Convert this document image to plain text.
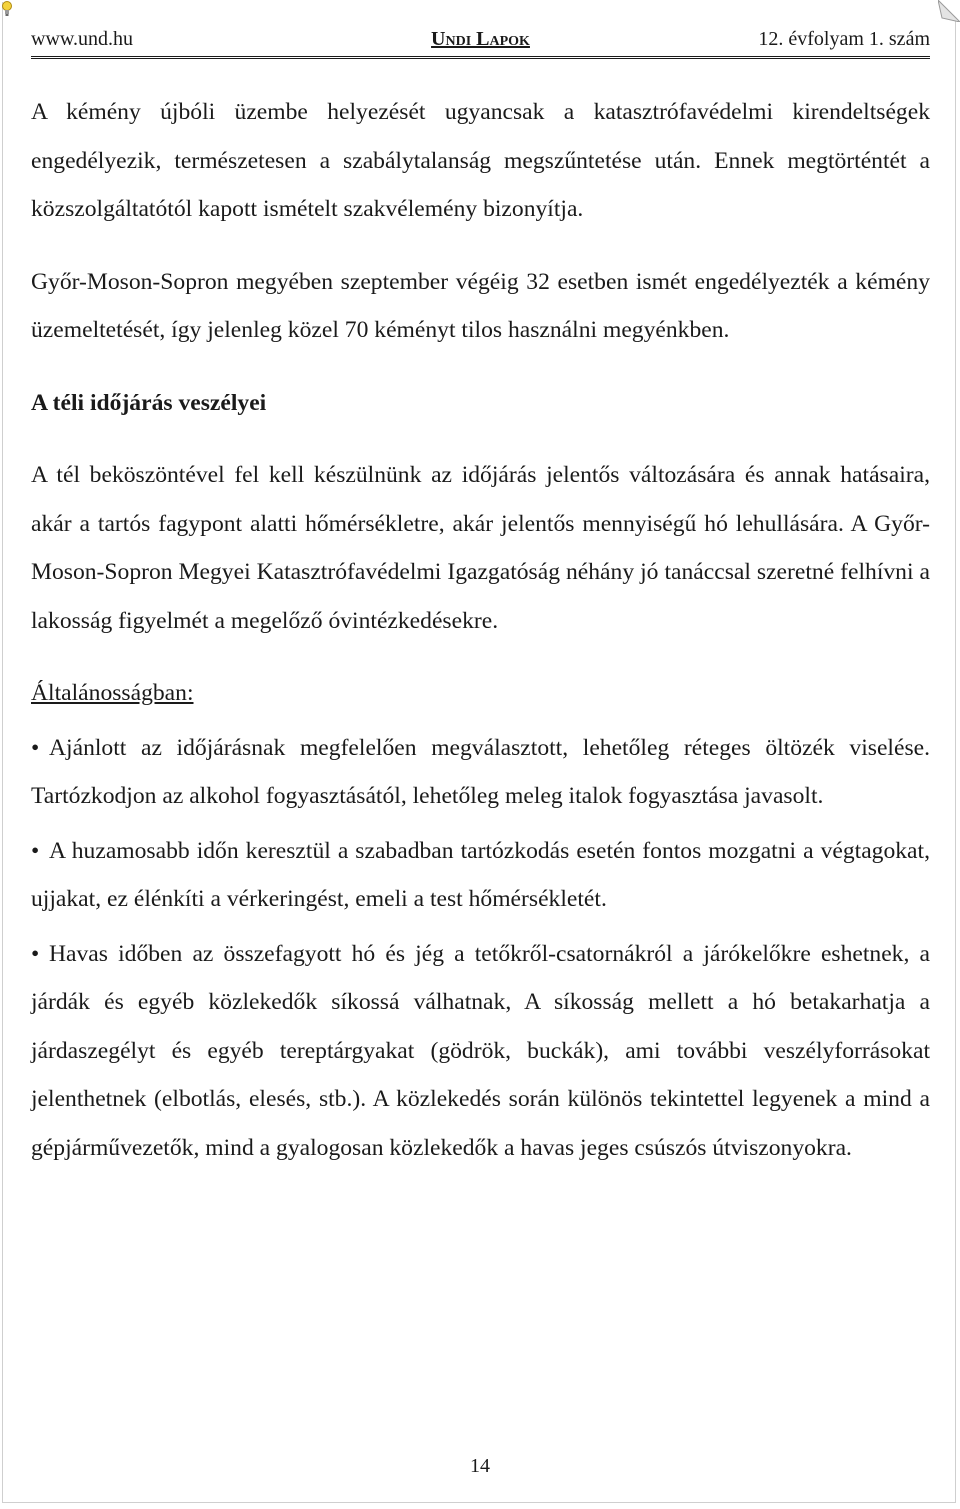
www.und.hu	Undi Lapok	12. évfolyam 1. szám

A kémény újbóli üzembe helyezését ugyancsak a katasztrófavédelmi kirendeltségek engedélyezik, természetesen a szabálytalanság megszűntetése után. Ennek megtörténtét a közszolgáltatótól kapott ismételt szakvélemény bizonyítja.

Győr-Moson-Sopron megyében szeptember végéig 32 esetben ismét engedélyezték a kémény üzemeltetését, így jelenleg közel 70 kéményt tilos használni megyénkben.

A téli időjárás veszélyei

A tél beköszöntével fel kell készülnünk az időjárás jelentős változására és annak hatásaira, akár a tartós fagypont alatti hőmérsékletre, akár jelentős mennyiségű hó lehullására. A Győr-Moson-Sopron Megyei Katasztrófavédelmi Igazgatóság néhány jó tanáccsal szeretné felhívni a lakosság figyelmét a megelőző óvintézkedésekre.

Általánosságban:

• Ajánlott az időjárásnak megfelelően megválasztott, lehetőleg réteges öltözék viselése. Tartózkodjon az alkohol fogyasztásától, lehetőleg meleg italok fogyasztása javasolt.

• A huzamosabb időn keresztül a szabadban tartózkodás esetén fontos mozgatni a végtagokat, ujjakat, ez élénkíti a vérkeringést, emeli a test hőmérsékletét.

• Havas időben az összefagyott hó és jég a tetőkről-csatornákról a járókelőkre eshetnek, a járdák és egyéb közlekedők síkossá válhatnak, A síkosság mellett a hó betakarhatja a járdaszegélyt és egyéb tereptárgyakat (gödrök, buckák), ami további veszélyforrásokat jelenthetnek (elbotlás, elesés, stb.). A közlekedés során különös tekintettel legyenek a mind a gépjárművezetők, mind a gyalogosan közlekedők a havas jeges csúszós útviszonyokra.

14
